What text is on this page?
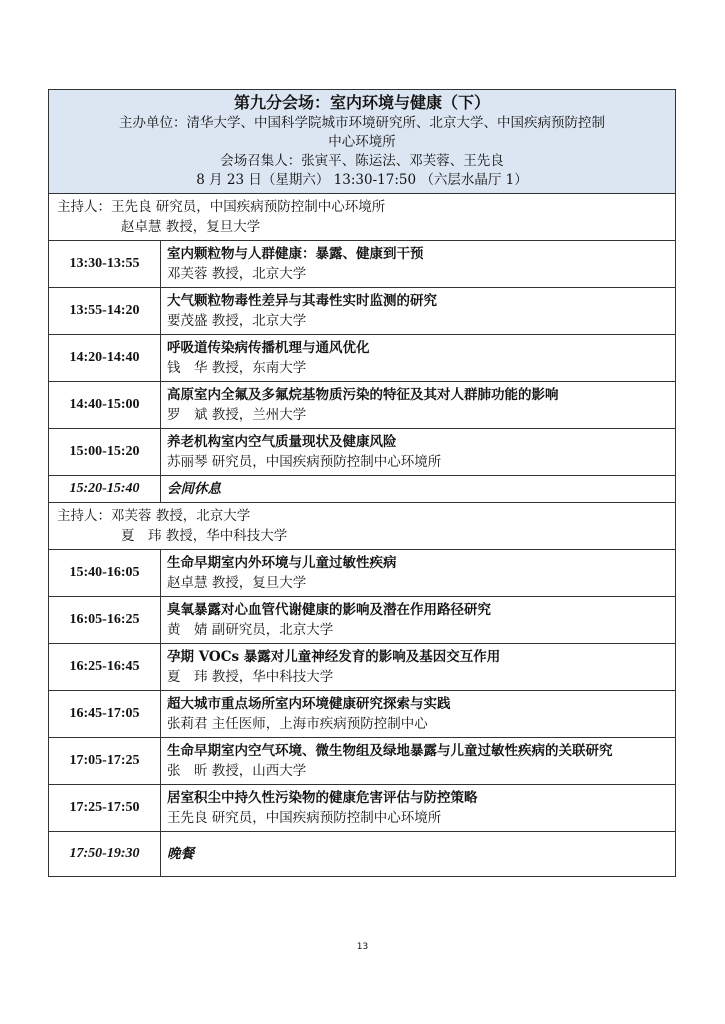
第九分会场：室内环境与健康（下）
主办单位：清华大学、中国科学院城市环境研究所、北京大学、中国疾病预防控制
中心环境所
会场召集人：张寅平、陈运法、邓芙蓉、王先良
8 月 23 日（星期六） 13:30-17:50 （六层水晶厅 1）
主持人：王先良 研究员，中国疾病预防控制中心环境所
赵卓慧 教授，复旦大学
13:30-13:55
室内颗粒物与人群健康：暴露、健康到干预
邓芙蓉 教授，北京大学
13:55-14:20
大气颗粒物毒性差异与其毒性实时监测的研究
要茂盛 教授，北京大学
14:20-14:40
呼吸道传染病传播机理与通风优化
钱　华 教授，东南大学
14:40-15:00
高原室内全氟及多氟烷基物质污染的特征及其对人群肺功能的影响
罗　斌 教授，兰州大学
15:00-15:20
养老机构室内空气质量现状及健康风险
苏丽琴 研究员，中国疾病预防控制中心环境所
15:20-15:40	会间休息
主持人：邓芙蓉 教授，北京大学
夏　玮 教授，华中科技大学
15:40-16:05
生命早期室内外环境与儿童过敏性疾病
赵卓慧 教授，复旦大学
16:05-16:25
臭氧暴露对心血管代谢健康的影响及潜在作用路径研究
黄　婧 副研究员，北京大学
16:25-16:45
孕期 VOCs 暴露对儿童神经发育的影响及基因交互作用
夏　玮 教授，华中科技大学
16:45-17:05
超大城市重点场所室内环境健康研究探索与实践
张莉君 主任医师，上海市疾病预防控制中心
17:05-17:25
生命早期室内空气环境、微生物组及绿地暴露与儿童过敏性疾病的关联研究
张　昕 教授，山西大学
17:25-17:50
居室积尘中持久性污染物的健康危害评估与防控策略
王先良 研究员，中国疾病预防控制中心环境所
17:50-19:30	晚餐
13
